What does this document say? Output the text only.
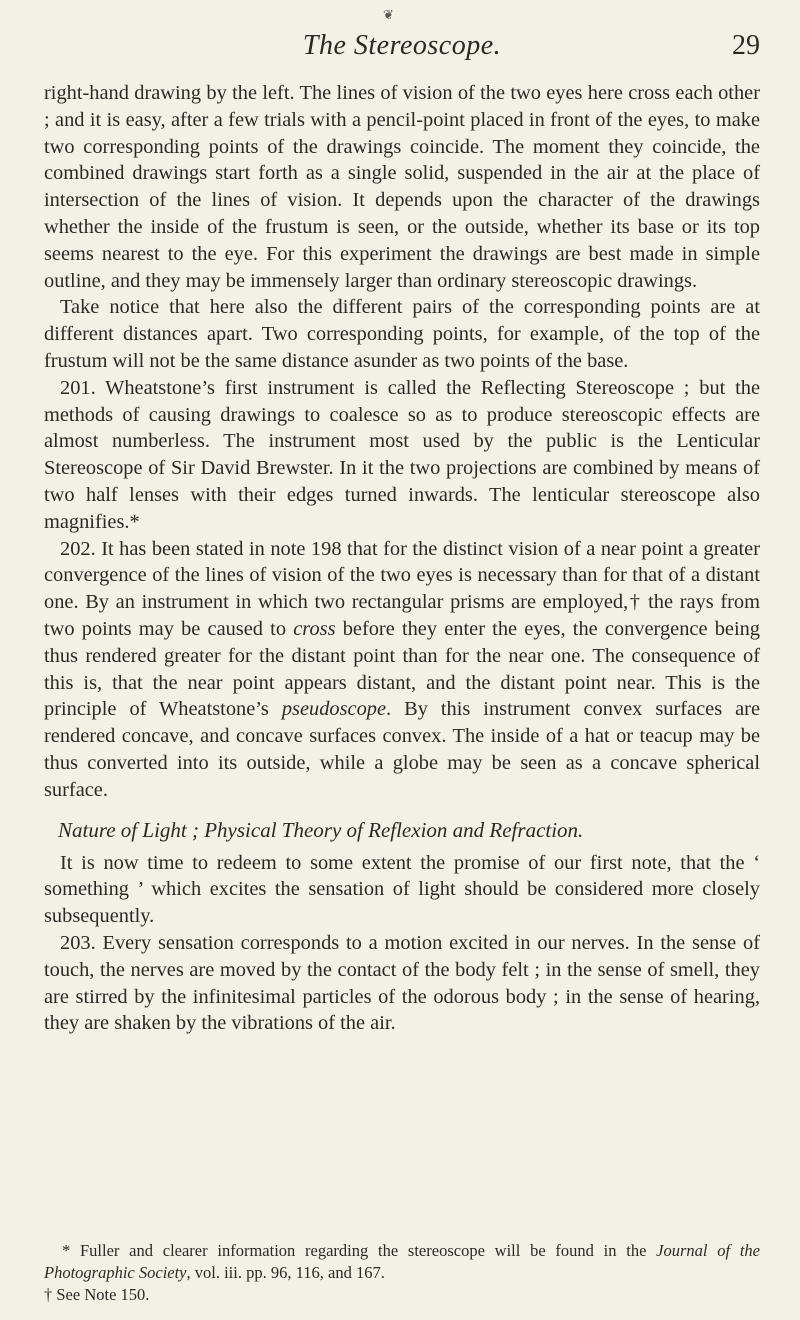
❦
The Stereoscope.	29

right-hand drawing by the left. The lines of vision of the two eyes here cross each other ; and it is easy, after a few trials with a pencil-point placed in front of the eyes, to make two corresponding points of the drawings coincide. The moment they coincide, the combined drawings start forth as a single solid, suspended in the air at the place of intersection of the lines of vision. It depends upon the character of the drawings whether the inside of the frustum is seen, or the outside, whether its base or its top seems nearest to the eye. For this experiment the drawings are best made in simple outline, and they may be immensely larger than ordinary stereoscopic drawings.

Take notice that here also the different pairs of the corresponding points are at different distances apart. Two corresponding points, for example, of the top of the frustum will not be the same distance asunder as two points of the base.

201. Wheatstone’s first instrument is called the Reflecting Stereoscope ; but the methods of causing drawings to coalesce so as to produce stereoscopic effects are almost numberless. The instrument most used by the public is the Lenticular Stereoscope of Sir David Brewster. In it the two projections are combined by means of two half lenses with their edges turned inwards. The lenticular stereoscope also magnifies.*

202. It has been stated in note 198 that for the distinct vision of a near point a greater convergence of the lines of vision of the two eyes is necessary than for that of a distant one. By an instrument in which two rectangular prisms are employed,† the rays from two points may be caused to cross before they enter the eyes, the convergence being thus rendered greater for the distant point than for the near one. The consequence of this is, that the near point appears distant, and the distant point near. This is the principle of Wheatstone’s pseudoscope. By this instrument convex surfaces are rendered concave, and concave surfaces convex. The inside of a hat or teacup may be thus converted into its outside, while a globe may be seen as a concave spherical surface.

Nature of Light ; Physical Theory of Reflexion and Refraction.

It is now time to redeem to some extent the promise of our first note, that the ‘ something ’ which excites the sensation of light should be considered more closely subsequently.

203. Every sensation corresponds to a motion excited in our nerves. In the sense of touch, the nerves are moved by the contact of the body felt ; in the sense of smell, they are stirred by the infinitesimal particles of the odorous body ; in the sense of hearing, they are shaken by the vibrations of the air.

* Fuller and clearer information regarding the stereoscope will be found in the Journal of the Photographic Society, vol. iii. pp. 96, 116, and 167.

† See Note 150.
